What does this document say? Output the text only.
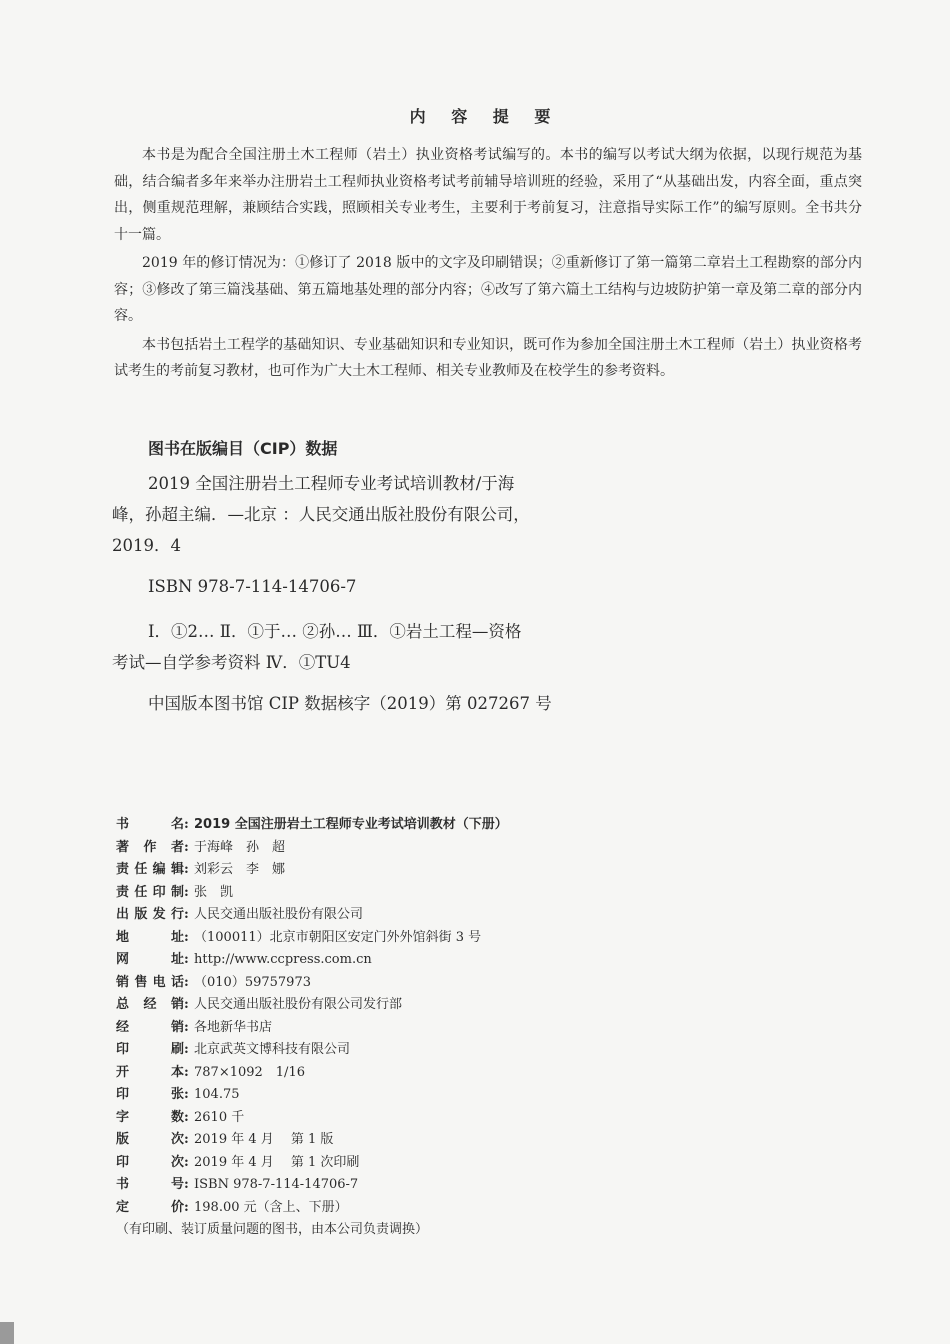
内 容 提 要

本书是为配合全国注册土木工程师（岩土）执业资格考试编写的。本书的编写以考试大纲为依据，以现行规范为基础，结合编者多年来举办注册岩土工程师执业资格考试考前辅导培训班的经验，采用了“从基础出发，内容全面，重点突出，侧重规范理解，兼顾结合实践，照顾相关专业考生，主要利于考前复习，注意指导实际工作”的编写原则。全书共分十一篇。

2019 年的修订情况为：①修订了 2018 版中的文字及印刷错误；②重新修订了第一篇第二章岩土工程勘察的部分内容；③修改了第三篇浅基础、第五篇地基处理的部分内容；④改写了第六篇土工结构与边坡防护第一章及第二章的部分内容。

本书包括岩土工程学的基础知识、专业基础知识和专业知识，既可作为参加全国注册土木工程师（岩土）执业资格考试考生的考前复习教材，也可作为广大土木工程师、相关专业教师及在校学生的参考资料。

图书在版编目（CIP）数据
2019 全国注册岩土工程师专业考试培训教材/于海
峰，孙超主编．—北京 ：人民交通出版社股份有限公司，
2019．4
ISBN 978-7-114-14706-7
Ⅰ．①2… Ⅱ．①于… ②孙… Ⅲ．①岩土工程—资格
考试—自学参考资料 Ⅳ．①TU4
中国版本图书馆 CIP 数据核字（2019）第 027267 号
书名 : 2019 全国注册岩土工程师专业考试培训教材（下册）
著作者 : 于海峰　孙　超
责任编辑 : 刘彩云　李　娜
责任印制 : 张　凯
出版发行 : 人民交通出版社股份有限公司
地址 : （100011）北京市朝阳区安定门外外馆斜街 3 号
网址 : http://www.ccpress.com.cn
销售电话 : （010）59757973
总经销 : 人民交通出版社股份有限公司发行部
经销 : 各地新华书店
印刷 : 北京武英文博科技有限公司
开本 : 787×1092　1/16
印张 : 104.75
字数 : 2610 千
版次 : 2019 年 4 月　 第 1 版
印次 : 2019 年 4 月　 第 1 次印刷
书号 : ISBN 978-7-114-14706-7
定价 : 198.00 元（含上、下册）
（有印刷、装订质量问题的图书，由本公司负责调换）
